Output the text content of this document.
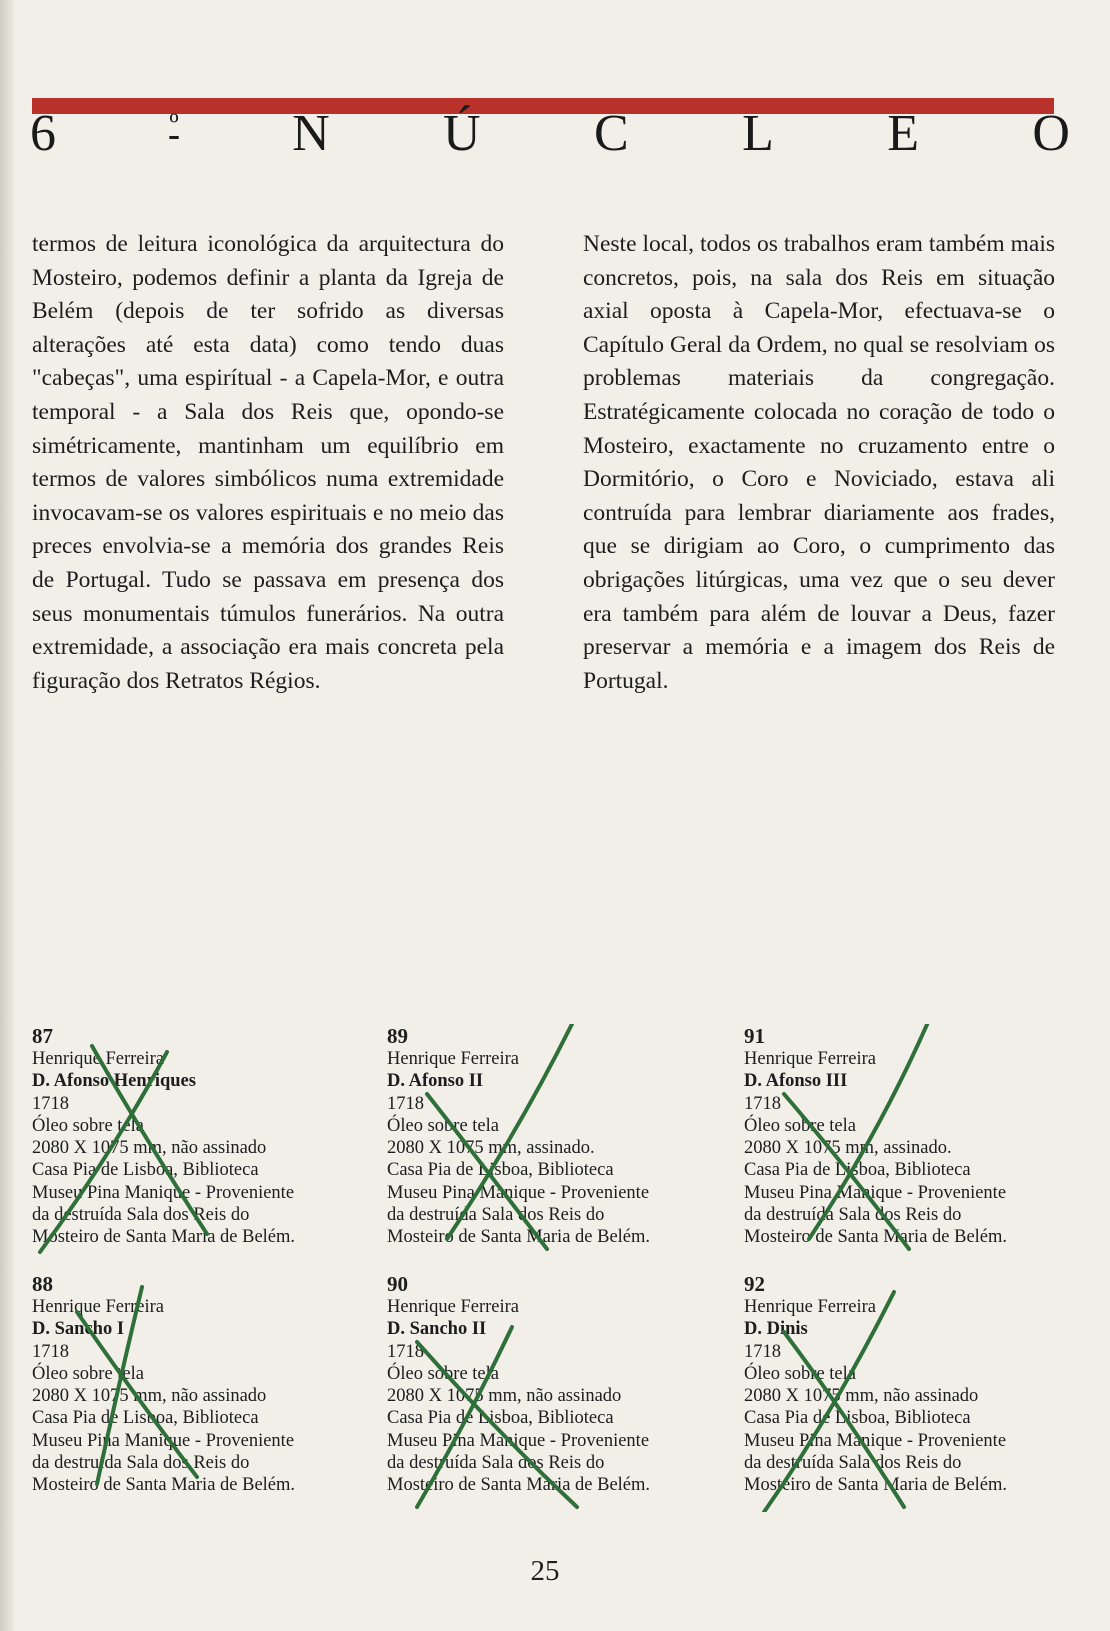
6	º N Ú C L E O
termos de leitura iconológica da arquitectura do Mosteiro, podemos definir a planta da Igreja de Belém (depois de ter sofrido as diversas alterações até esta data) como tendo duas "cabeças", uma espirítual - a Capela-Mor, e outra temporal - a Sala dos Reis que, opondo-se simétricamente, mantinham um equilíbrio em termos de valores simbólicos numa extremidade invocavam-se os valores espirituais e no meio das preces envolvia-se a memória dos grandes Reis de Portugal. Tudo se passava em presença dos seus monumentais túmulos funerários. Na outra extremidade, a associação era mais concreta pela figuração dos Retratos Régios.
Neste local, todos os trabalhos eram também mais concretos, pois, na sala dos Reis em situação axial oposta à Capela-Mor, efectuava-se o Capítulo Geral da Ordem, no qual se resolviam os problemas materiais da congregação. Estratégicamente colocada no coração de todo o Mosteiro, exactamente no cruzamento entre o Dormitório, o Coro e Noviciado, estava ali contruída para lembrar diariamente aos frades, que se dirigiam ao Coro, o cumprimento das obrigações litúrgicas, uma vez que o seu dever era também para além de louvar a Deus, fazer preservar a memória e a imagem dos Reis de Portugal.
87
Henrique Ferreira
D. Afonso Henriques
1718
Óleo sobre tela
2080 X 1075 mm, não assinado
Casa Pia de Lisboa, Biblioteca
Museu Pina Manique - Proveniente
da destruída Sala dos Reis do
Mosteiro de Santa Maria de Belém.
89
Henrique Ferreira
D. Afonso II
1718
Óleo sobre tela
2080 X 1075 mm, assinado.
Casa Pia de Lisboa, Biblioteca
Museu Pina Manique - Proveniente
da destruída Sala dos Reis do
Mosteiro de Santa Maria de Belém.
91
Henrique Ferreira
D. Afonso III
1718
Óleo sobre tela
2080 X 1075 mm, assinado.
Casa Pia de Lisboa, Biblioteca
Museu Pina Manique - Proveniente
da destruída Sala dos Reis do
Mosteiro de Santa Maria de Belém.
88
Henrique Ferreira
D. Sancho I
1718
Óleo sobre tela
2080 X 1075 mm, não assinado
Casa Pia de Lisboa, Biblioteca
Museu Pina Manique - Proveniente
da destruída Sala dos Reis do
Mosteiro de Santa Maria de Belém.
90
Henrique Ferreira
D. Sancho II
1718
Óleo sobre tela
2080 X 1075 mm, não assinado
Casa Pia de Lisboa, Biblioteca
Museu Pina Manique - Proveniente
da destruída Sala dos Reis do
Mosteiro de Santa Maria de Belém.
92
Henrique Ferreira
D. Dinis
1718
Óleo sobre tela
2080 X 1075 mm, não assinado
Casa Pia de Lisboa, Biblioteca
Museu Pina Manique - Proveniente
da destruída Sala dos Reis do
Mosteiro de Santa Maria de Belém.
25
